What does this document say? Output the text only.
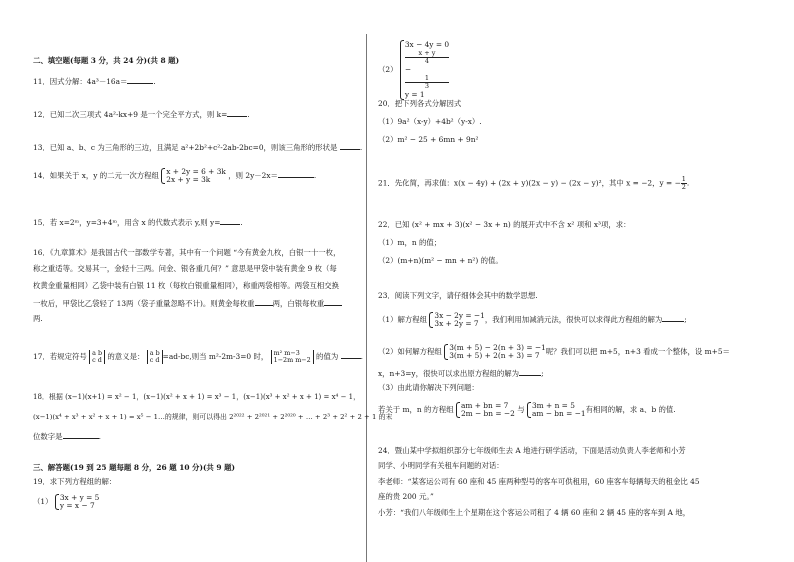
二、填空题(每题 3 分，共 24 分)(共 8 题)
11．因式分解：4a³－16a＝	.
12．已知二次三项式 4a²-kx+9 是一个完全平方式，则 k=	.
13．已知 a、b、c 为三角形的三边，且满足 a²+2b²+c²-2ab-2bc=0，则该三角形的形状是	.
14．如果关于 x，y 的二元一次方程组 x + 2y = 6 + 3k
2x + y = 3k	，则 2y－2x＝	.
15．若 x=2ᵐ，y=3+4ᵐ，用含 x 的代数式表示 y,则 y=	.
16．《九章算术》是我国古代一部数学专著，其中有一个问题 “今有黄金九枚，白银一十一枚，
称之重适等。交易其一，金轻十三两。问金、银各重几何？” 意思是甲袋中装有黄金 9 枚（每
枚黄金重量相同）乙袋中装有白银 11 枚（每枚白银重量相同），称重两袋相等。两袋互相交换
一枚后，甲袋比乙袋轻了 13两（袋子重量忽略不计)。则黄金每枚重 两，白银每枚重
两.
17．若规定符号 a b
c d 的意义是： a b
c d =ad-bc,则当 m²-2m-3=0 时， m² m−3
1−2m m−2 的值为	.
18．根据 (x−1)(x+1) = x² − 1，(x−1)(x² + x + 1) = x³ − 1，(x−1)(x³ + x² + x + 1) = x⁴ − 1，
(x−1)(x⁴ + x³ + x² + x + 1) = x⁵ − 1…的规律，则可以得出 2²⁰²² + 2²⁰²¹ + 2²⁰²⁰ + … + 2³ + 2² + 2 + 1 的末
位数字是	.
三、解答题(19 到 25 题每题 8 分，26 题 10 分)(共 9 题)
19．求下列方程组的解：
（1） 3x + y = 5
y = x − 7
（2）
3x − 4y = 0
x + y
4
−
1
3
y = 1
20．把下列各式分解因式
（1）9a²（x-y）+4b²（y-x）.
（2）m² − 25 + 6mn + 9n²
21．先化简，再求值：x(x − 4y) + (2x + y)(2x − y) − (2x − y)²，其中 x = −2，y = − $\frac{1}{2}$ .
22．已知 (x² + mx + 3)(x² − 3x + n) 的展开式中不含 x² 项和 x³项，求：
（1）m，n 的值；
（2）(m+n)(m² − mn + n²) 的值。
23．阅读下列文字，请仔细体会其中的数学思想.
（1）解方程组 3x − 2y = −1
3x + 2y = 7 ，我们利用加减消元法，很快可以求得此方程组的解为	;
（2）如何解方程组 3(m + 5) − 2(n + 3) = −1
3(m + 5) + 2(n + 3) = 7 呢？我们可以把 m+5，n+3 看成一个整体，设 m+5＝
x，n+3=y，很快可以求出原方程组的解为	;
（3）由此请你解决下列问题：
若关于 m，n 的方程组 am + bn = 7
2m − bn = −2 与 3m + n = 5
am − bn = −1 有相同的解，求 a、b 的值.
24．暨山某中学拟组织部分七年级师生去 A 地进行研学活动，下面是活动负责人李老师和小芳
同学、小明同学有关租车问题的对话：
李老师：“某客运公司有 60 座和 45 座两种型号的客车可供租用，60 座客车每辆每天的租金比 45
座的贵 200 元。”
小芳：“我们八年级师生上个星期在这个客运公司租了 4 辆 60 座和 2 辆 45 座的客车到 A 地，
